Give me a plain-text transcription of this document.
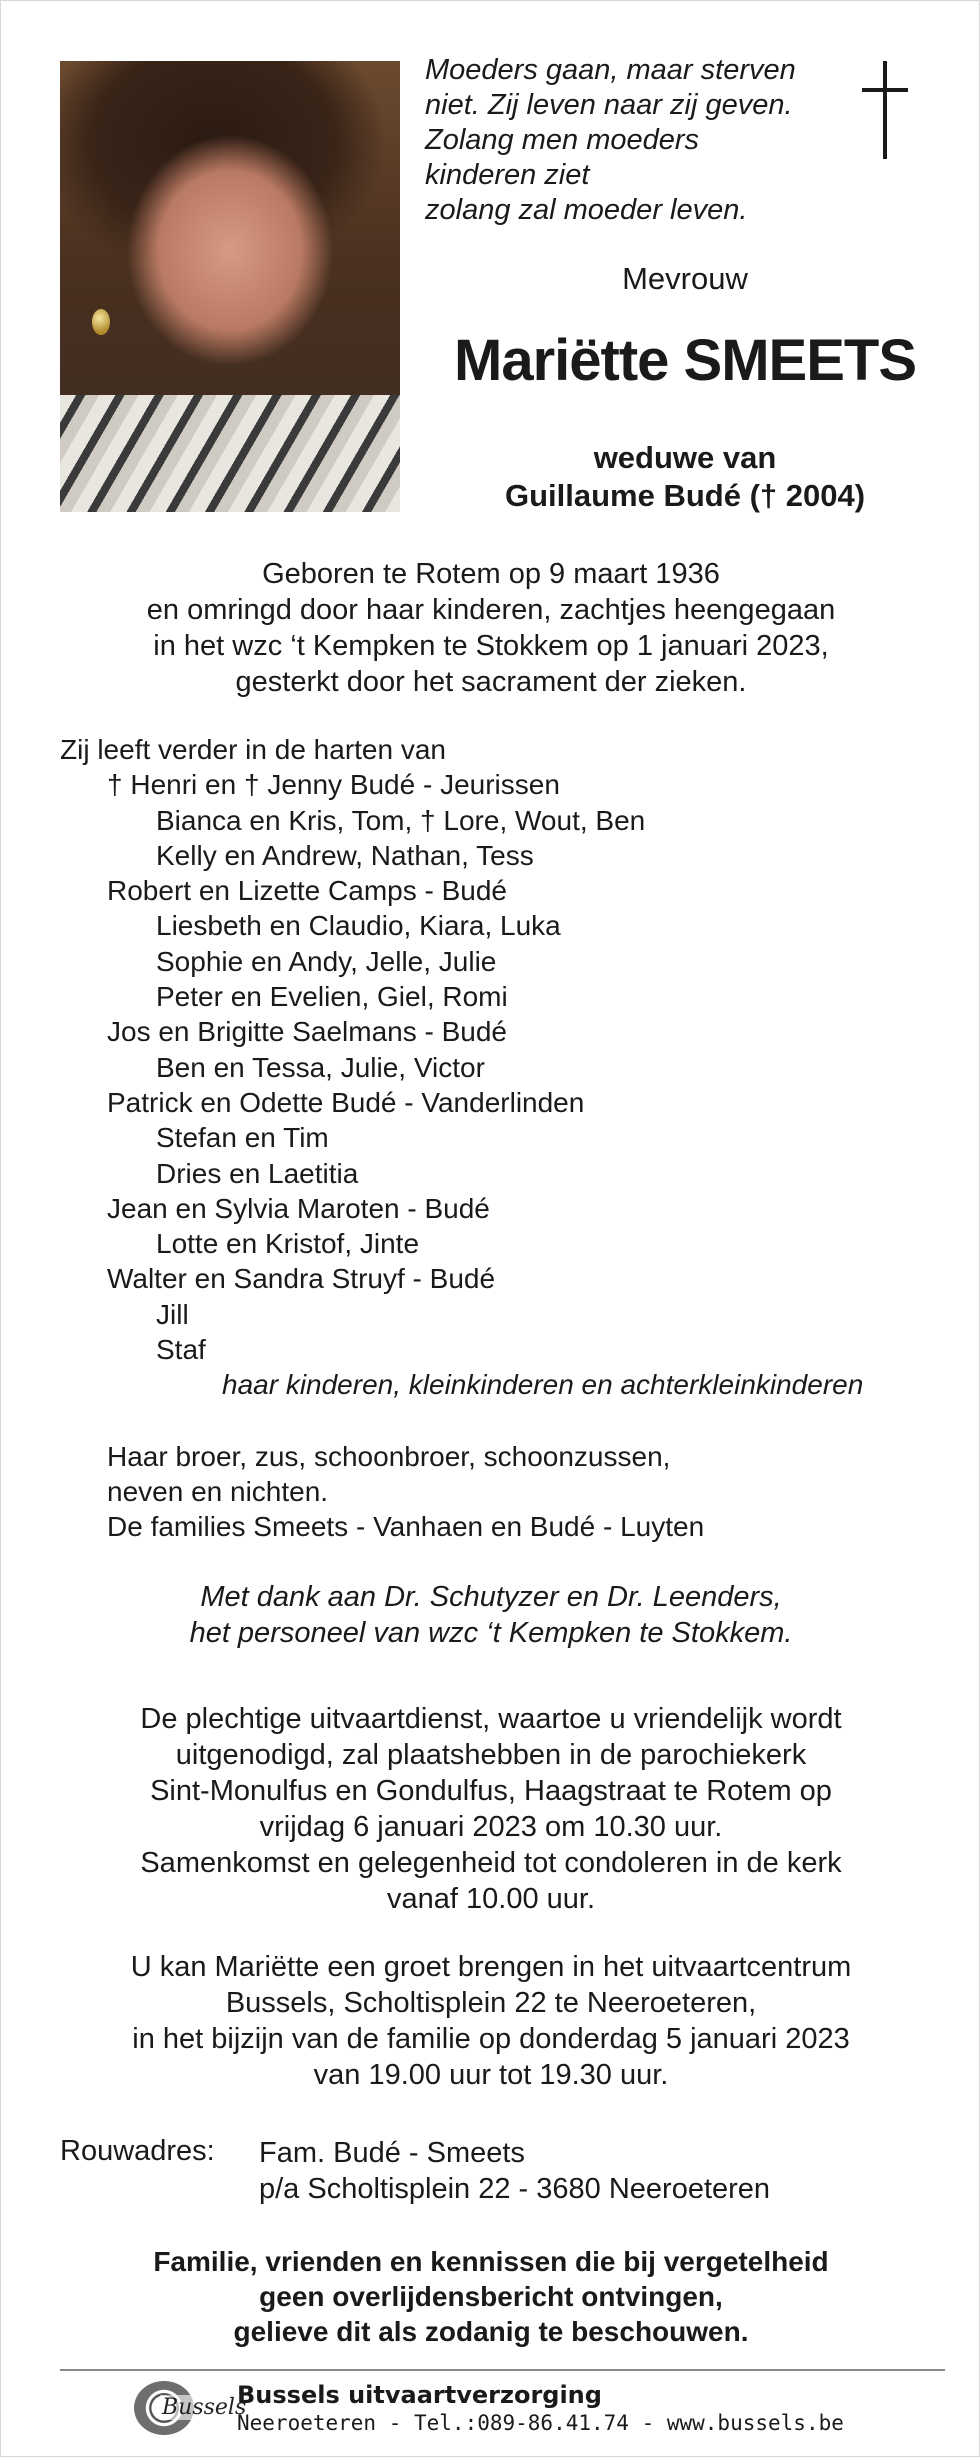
Moeders gaan, maar sterven
niet. Zij leven naar zij geven.
Zolang men moeders
kinderen ziet
zolang zal moeder leven.
Mevrouw
Mariëtte SMEETS
weduwe van
Guillaume Budé († 2004)
Geboren te Rotem op 9 maart 1936
en omringd door haar kinderen, zachtjes heengegaan
in het wzc ‘t Kempken te Stokkem op 1 januari 2023,
gesterkt door het sacrament der zieken.
Zij leeft verder in de harten van
† Henri en † Jenny Budé - Jeurissen
Bianca en Kris, Tom, † Lore, Wout, Ben
Kelly en Andrew, Nathan, Tess
Robert en Lizette Camps - Budé
Liesbeth en Claudio, Kiara, Luka
Sophie en Andy, Jelle, Julie
Peter en Evelien, Giel, Romi
Jos en Brigitte Saelmans - Budé
Ben en Tessa, Julie, Victor
Patrick en Odette Budé - Vanderlinden
Stefan en Tim
Dries en Laetitia
Jean en Sylvia Maroten - Budé
Lotte en Kristof, Jinte
Walter en Sandra Struyf - Budé
Jill
Staf
haar kinderen, kleinkinderen en achterkleinkinderen
Haar broer, zus, schoonbroer, schoonzussen,
neven en nichten.
De families Smeets - Vanhaen en Budé - Luyten
Met dank aan Dr. Schutyzer en Dr. Leenders,
het personeel van wzc ‘t Kempken te Stokkem.
De plechtige uitvaartdienst, waartoe u vriendelijk wordt
uitgenodigd, zal plaatshebben in de parochiekerk
Sint-Monulfus en Gondulfus, Haagstraat te Rotem op
vrijdag 6 januari 2023 om 10.30 uur.
Samenkomst en gelegenheid tot condoleren in de kerk
vanaf 10.00 uur.
U kan Mariëtte een groet brengen in het uitvaartcentrum
Bussels, Scholtisplein 22 te Neeroeteren,
in het bijzijn van de familie op donderdag 5 januari 2023
van 19.00 uur tot 19.30 uur.
Rouwadres: Fam. Budé - Smeets
p/a Scholtisplein 22 - 3680 Neeroeteren
Familie, vrienden en kennissen die bij vergetelheid
geen overlijdensbericht ontvingen,
gelieve dit als zodanig te beschouwen.
Bussels
Bussels uitvaartverzorging
Neeroeteren - Tel.:089-86.41.74 - www.bussels.be
